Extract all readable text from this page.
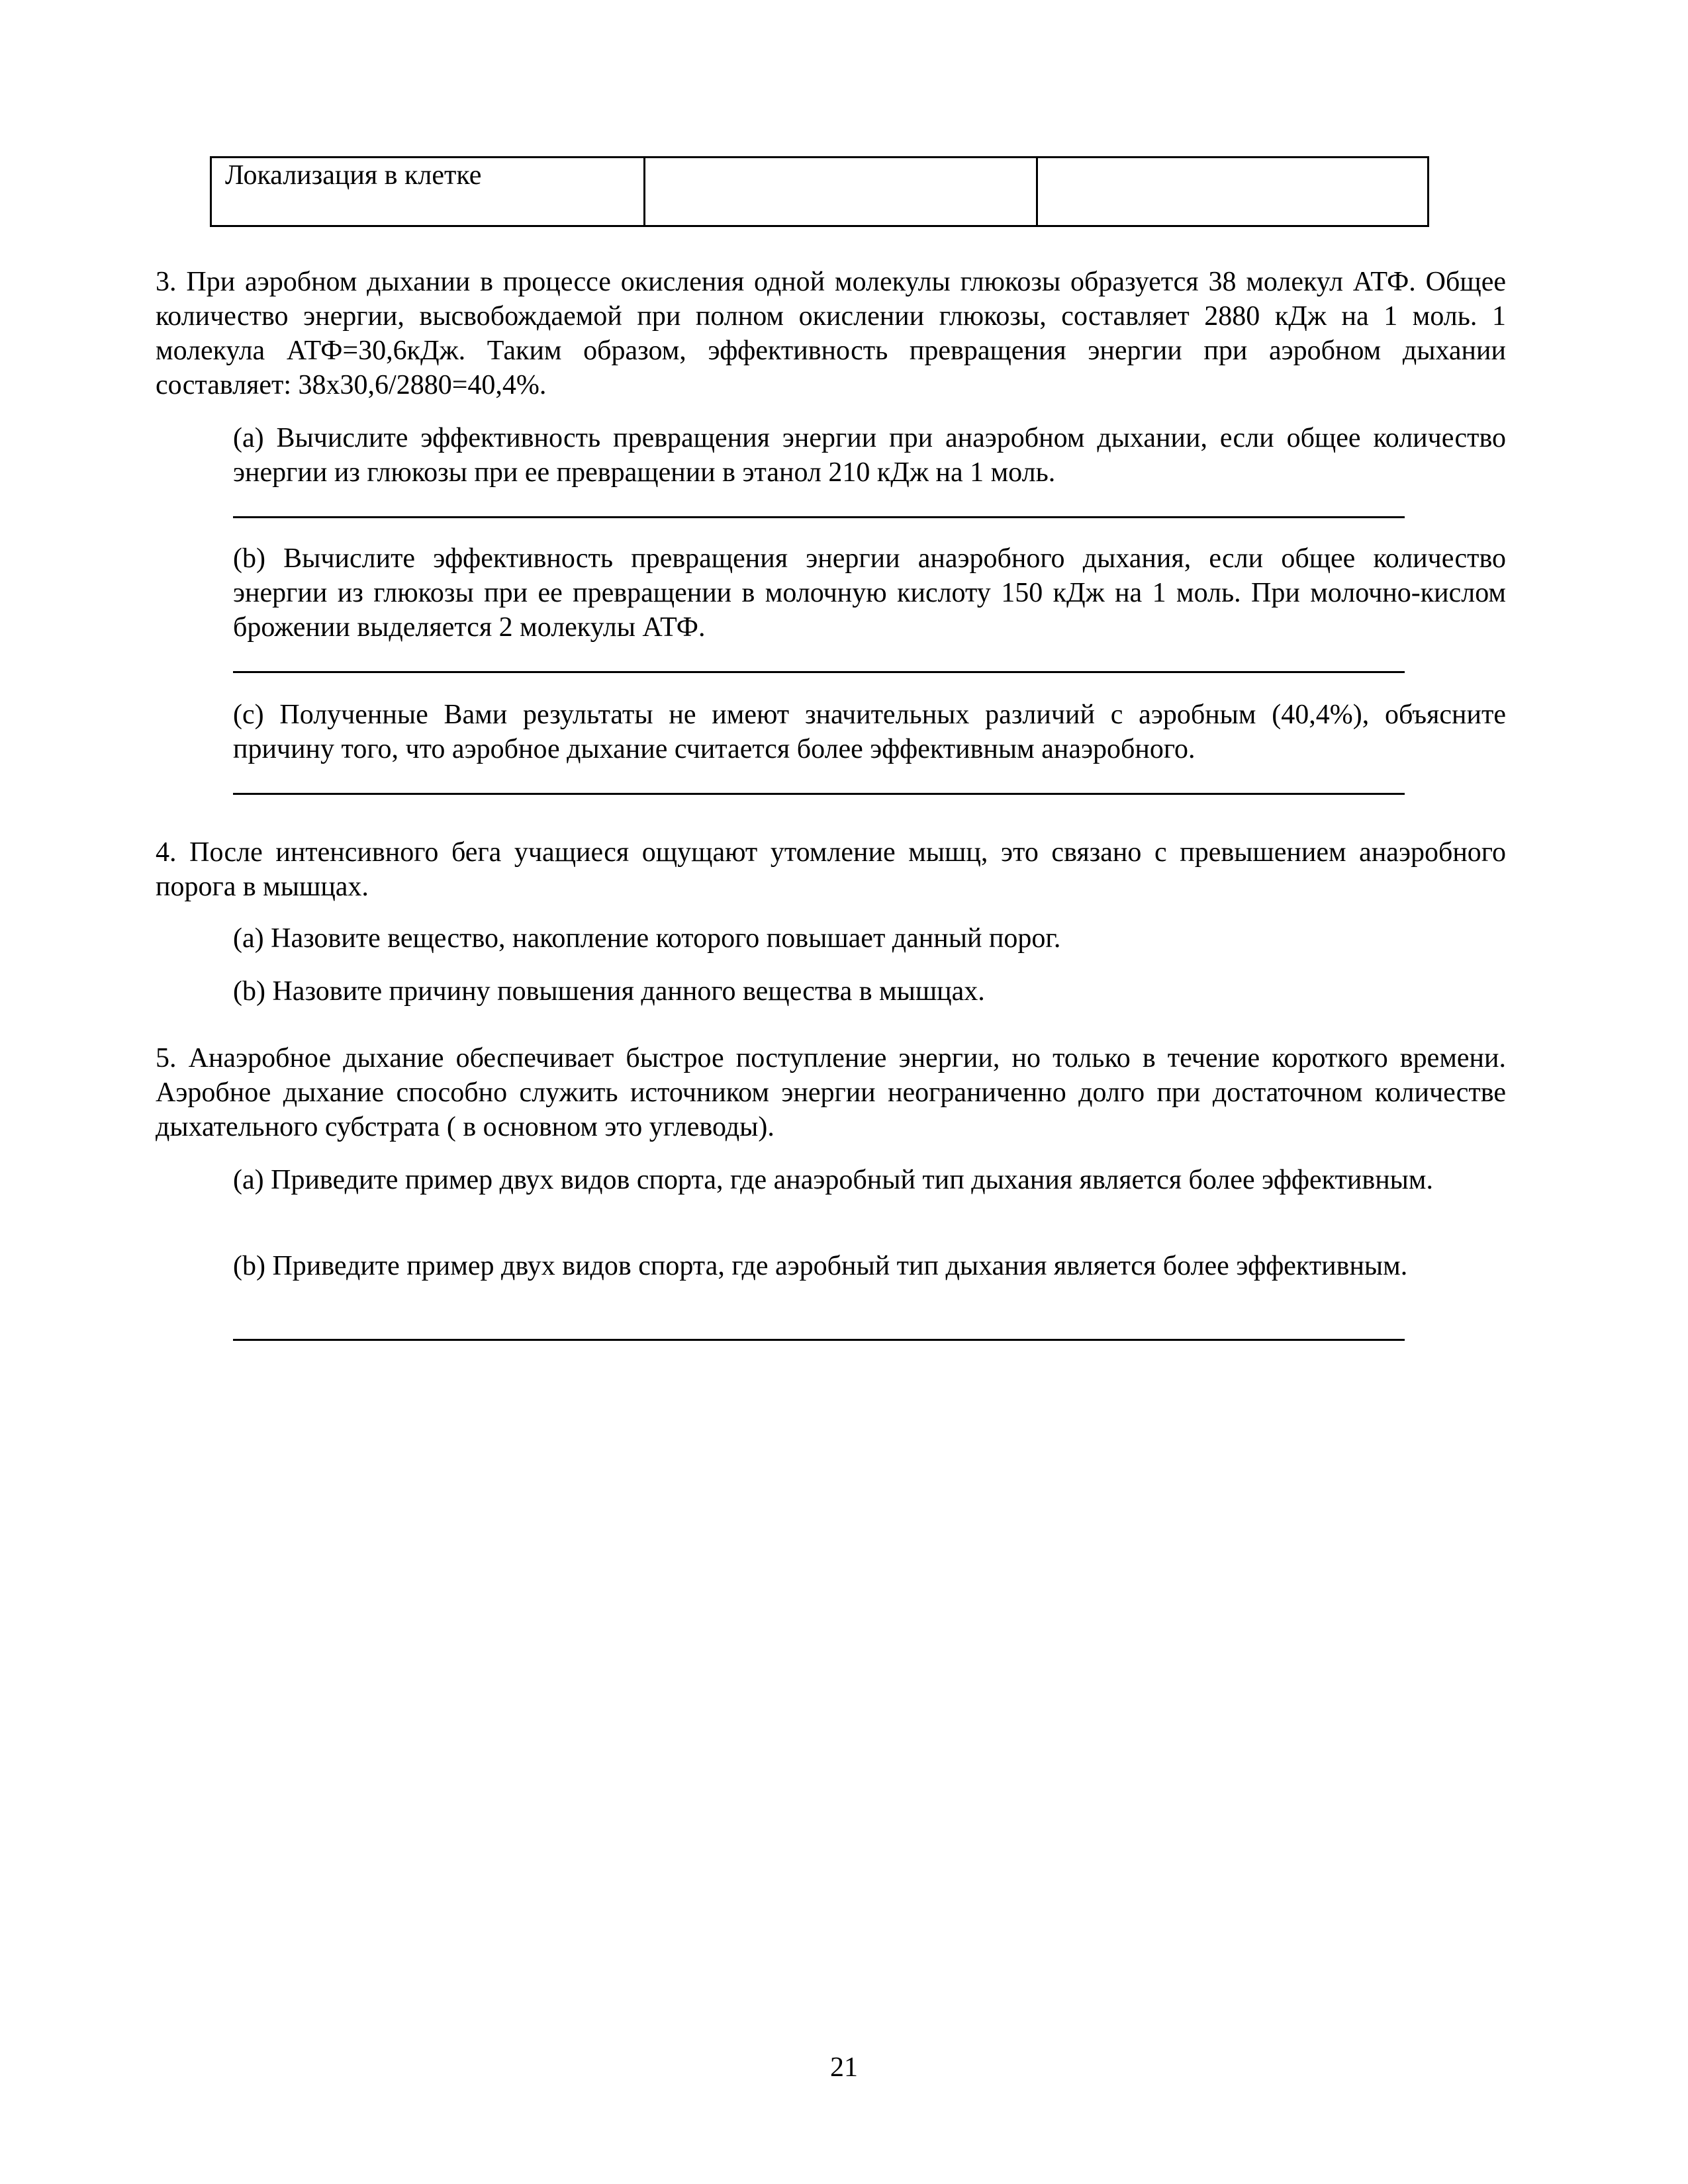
Локализация в клетке		
3. При аэробном дыхании в процессе окисления одной молекулы глюкозы образуется 38 молекул АТФ. Общее количество энергии, высвобождаемой при полном окислении глюкозы, составляет 2880 кДж на 1 моль. 1 молекула АТФ=30,6кДж. Таким образом, эффективность превращения энергии при аэробном дыхании составляет: 38х30,6/2880=40,4%.
(a) Вычислите эффективность превращения энергии при анаэробном дыхании, если общее количество энергии из глюкозы при ее превращении в этанол 210 кДж на 1 моль.
(b) Вычислите эффективность превращения энергии анаэробного дыхания, если общее количество энергии из глюкозы при ее превращении в молочную кислоту 150 кДж на 1 моль. При молочно-кислом брожении выделяется 2 молекулы АТФ.
(c) Полученные Вами результаты не имеют значительных различий с аэробным (40,4%), объясните причину того, что аэробное дыхание считается более эффективным анаэробного.
4. После интенсивного бега учащиеся ощущают утомление мышц, это связано с превышением анаэробного порога в мышцах.
(a) Назовите вещество, накопление которого повышает данный порог.
(b) Назовите причину повышения данного вещества в мышцах.
5. Анаэробное дыхание обеспечивает быстрое поступление энергии, но только в течение короткого времени. Аэробное дыхание способно служить источником энергии неограниченно долго при достаточном количестве дыхательного субстрата ( в основном это углеводы).
(a) Приведите пример двух видов спорта, где анаэробный тип дыхания является более эффективным.
(b) Приведите пример двух видов спорта, где аэробный тип дыхания является более эффективным.
21
